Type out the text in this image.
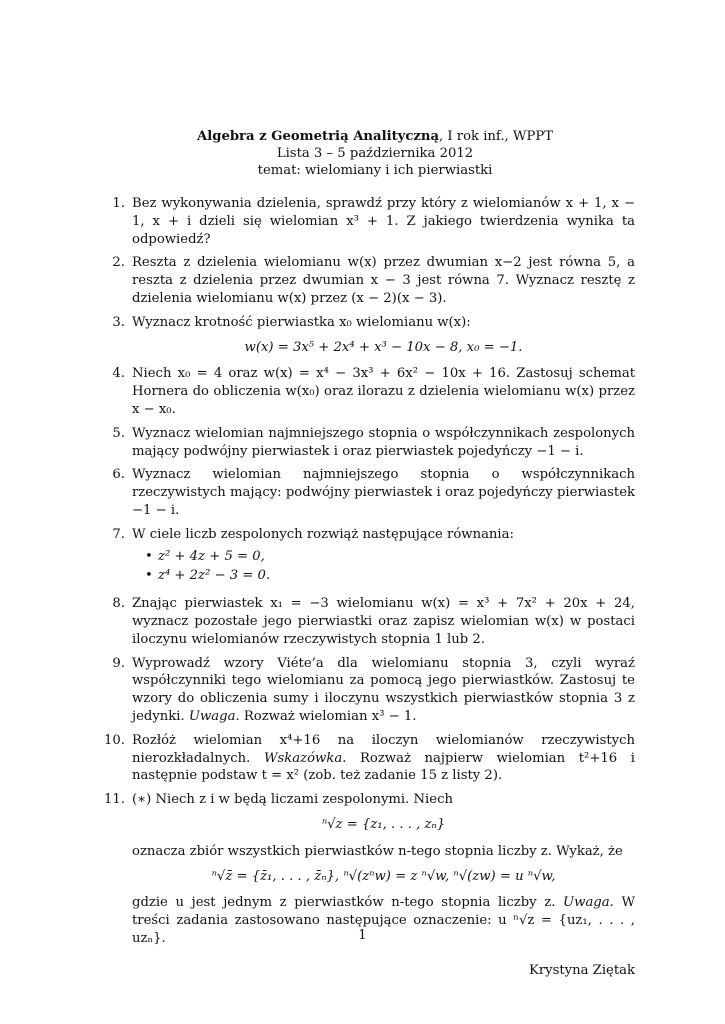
Algebra z Geometrią Analityczną, I rok inf., WPPT
Lista 3 – 5 października 2012
temat: wielomiany i ich pierwiastki
1. Bez wykonywania dzielenia, sprawdź przy który z wielomianów x + 1, x − 1, x + i dzieli się wielomian x³ + 1. Z jakiego twierdzenia wynika ta odpowiedź?
2. Reszta z dzielenia wielomianu w(x) przez dwumian x−2 jest równa 5, a reszta z dzielenia przez dwumian x − 3 jest równa 7. Wyznacz resztę z dzielenia wielomianu w(x) przez (x − 2)(x − 3).
3. Wyznacz krotność pierwiastka x₀ wielomianu w(x):
w(x) = 3x⁵ + 2x⁴ + x³ − 10x − 8, x₀ = −1.
4. Niech x₀ = 4 oraz w(x) = x⁴ − 3x³ + 6x² − 10x + 16. Zastosuj schemat Hornera do obliczenia w(x₀) oraz ilorazu z dzielenia wielomianu w(x) przez x − x₀.
5. Wyznacz wielomian najmniejszego stopnia o współczynnikach zespolonych mający podwójny pierwiastek i oraz pierwiastek pojedyńczy −1 − i.
6. Wyznacz wielomian najmniejszego stopnia o współczynnikach rzeczywistych mający: podwójny pierwiastek i oraz pojedyńczy pierwiastek −1 − i.
7. W ciele liczb zespolonych rozwiąż następujące równania:
• z² + 4z + 5 = 0,
• z⁴ + 2z² − 3 = 0.
8. Znając pierwiastek x₁ = −3 wielomianu w(x) = x³ + 7x² + 20x + 24, wyznacz pozostałe jego pierwiastki oraz zapisz wielomian w(x) w postaci iloczynu wielomianów rzeczywistych stopnia 1 lub 2.
9. Wyprowadź wzory Viéte’a dla wielomianu stopnia 3, czyli wyraź współczynniki tego wielomianu za pomocą jego pierwiastków. Zastosuj te wzory do obliczenia sumy i iloczynu wszystkich pierwiastków stopnia 3 z jedynki. Uwaga. Rozważ wielomian x³ − 1.
10. Rozłóż wielomian x⁴+16 na iloczyn wielomianów rzeczywistych nierozkładalnych. Wskazówka. Rozważ najpierw wielomian t²+16 i następnie podstaw t = x² (zob. też zadanie 15 z listy 2).
11. (∗) Niech z i w będą liczami zespolonymi. Niech
ⁿ√z = {z₁, . . . , zₙ}
oznacza zbiór wszystkich pierwiastków n-tego stopnia liczby z. Wykaż, że
ⁿ√z̄ = {z̄₁, . . . , z̄ₙ}, ⁿ√(zⁿw) = z ⁿ√w, ⁿ√(zw) = u ⁿ√w,
gdzie u jest jednym z pierwiastków n-tego stopnia liczby z. Uwaga. W treści zadania zastosowano następujące oznaczenie: u ⁿ√z = {uz₁, . . . , uzₙ}.
Krystyna Ziętak
1
